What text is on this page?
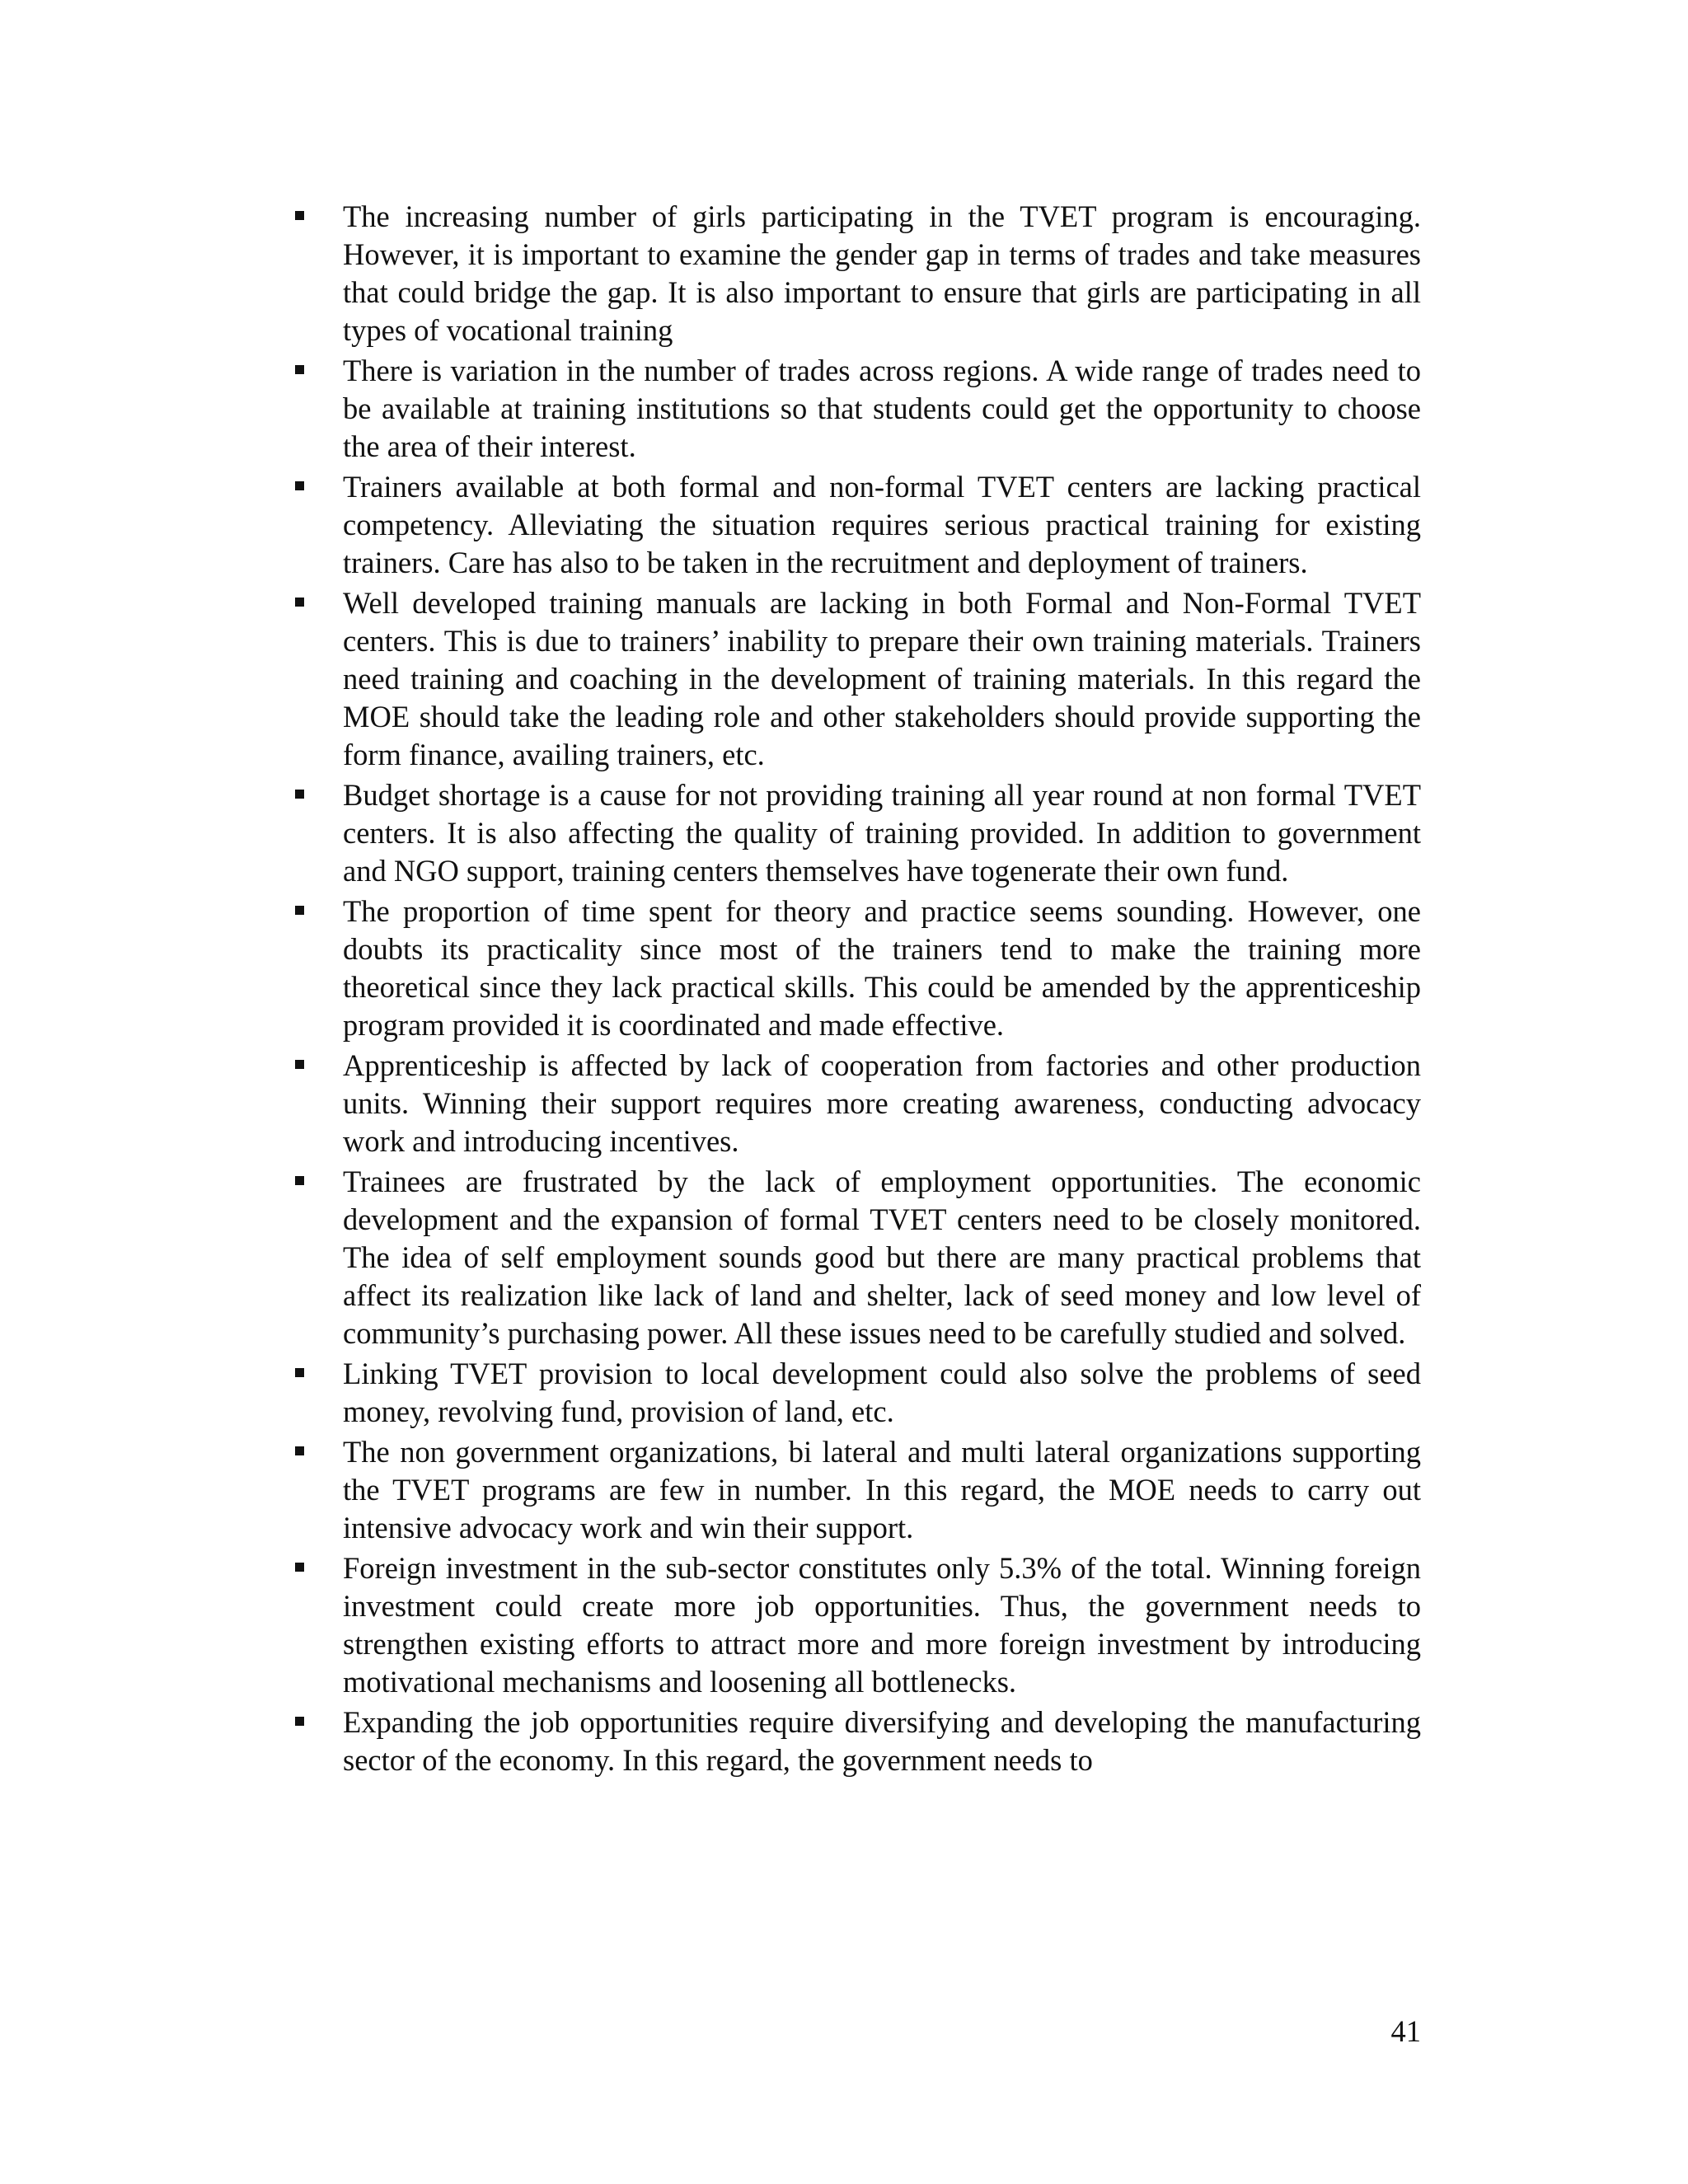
The increasing number of girls participating in the TVET program is encouraging. However, it is important to examine the gender gap in terms of trades and take measures that could bridge the gap. It is also important to ensure that girls are participating in all types of vocational training
There is variation in the number of trades across regions. A wide range of trades need to be available at training institutions so that students could get the opportunity to choose the area of their interest.
Trainers available at both formal and non-formal TVET centers are lacking practical competency. Alleviating the situation requires serious practical training for existing trainers. Care has also to be taken in the recruitment and deployment of trainers.
Well developed training manuals are lacking in both Formal and Non-Formal TVET centers. This is due to trainers’ inability to prepare their own training materials. Trainers need training and coaching in the development of training materials. In this regard the MOE should take the leading role and other stakeholders should provide supporting the form finance, availing trainers, etc.
Budget shortage is a cause for not providing training all year round at non formal TVET centers. It is also affecting the quality of training provided. In addition to government and NGO support, training centers themselves have togenerate their own fund.
The proportion of time spent for theory and practice seems sounding. However, one doubts its practicality since most of the trainers tend to make the training more theoretical since they lack practical skills. This could be amended by the apprenticeship program provided it is coordinated and made effective.
Apprenticeship is affected by lack of cooperation from factories and other production units. Winning their support requires more creating awareness, conducting advocacy work and introducing incentives.
Trainees are frustrated by the lack of employment opportunities. The economic development and the expansion of formal TVET centers need to be closely monitored. The idea of self employment sounds good but there are many practical problems that affect its realization like lack of land and shelter, lack of seed money and low level of community’s purchasing power. All these issues need to be carefully studied and solved.
Linking TVET provision to local development could also solve the problems of seed money, revolving fund, provision of land, etc.
The non government organizations, bi lateral and multi lateral organizations supporting the TVET programs are few in number. In this regard, the MOE needs to carry out intensive advocacy work and win their support.
Foreign investment in the sub-sector constitutes only 5.3% of the total. Winning foreign investment could create more job opportunities. Thus, the government needs to strengthen existing efforts to attract more and more foreign investment by introducing motivational mechanisms and loosening all bottlenecks.
Expanding the job opportunities require diversifying and developing the manufacturing sector of the economy. In this regard, the government needs to
41
